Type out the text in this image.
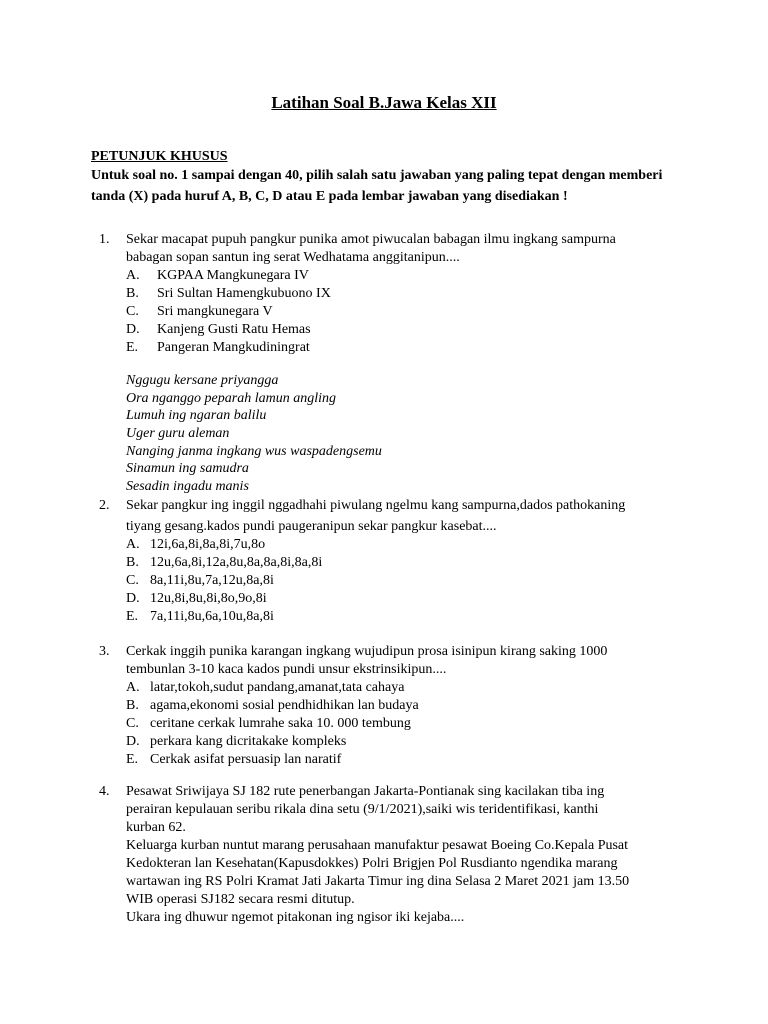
Latihan Soal B.Jawa Kelas XII
PETUNJUK KHUSUS
Untuk soal no. 1 sampai dengan 40, pilih salah satu jawaban yang paling tepat dengan memberi
tanda (X) pada huruf A, B, C, D atau E pada lembar jawaban yang disediakan !
1. Sekar macapat pupuh pangkur punika amot piwucalan babagan ilmu ingkang sampurna
babagan sopan santun ing serat Wedhatama anggitanipun....
A. KGPAA Mangkunegara IV
B. Sri Sultan Hamengkubuono IX
C. Sri mangkunegara V
D. Kanjeng Gusti Ratu Hemas
E. Pangeran Mangkudiningrat
Nggugu kersane priyangga
Ora nganggo peparah lamun angling
Lumuh ing ngaran balilu
Uger guru aleman
Nanging janma ingkang wus waspadengsemu
Sinamun ing samudra
Sesadin ingadu manis
2. Sekar pangkur ing inggil nggadhahi piwulang ngelmu kang sampurna,dados pathokaning
tiyang gesang.kados pundi paugeranipun sekar pangkur kasebat....
A. 12i,6a,8i,8a,8i,7u,8o
B. 12u,6a,8i,12a,8u,8a,8a,8i,8a,8i
C. 8a,11i,8u,7a,12u,8a,8i
D. 12u,8i,8u,8i,8o,9o,8i
E. 7a,11i,8u,6a,10u,8a,8i
3. Cerkak inggih punika karangan ingkang wujudipun prosa isinipun kirang saking 1000
tembunlan 3-10 kaca kados pundi unsur ekstrinsikipun....
A. latar,tokoh,sudut pandang,amanat,tata cahaya
B. agama,ekonomi sosial pendhidhikan lan budaya
C. ceritane cerkak lumrahe saka 10. 000 tembung
D. perkara kang dicritakake kompleks
E. Cerkak asifat persuasip lan naratif
4. Pesawat Sriwijaya SJ 182 rute penerbangan Jakarta-Pontianak sing kacilakan tiba ing
perairan kepulauan seribu rikala dina setu (9/1/2021),saiki wis teridentifikasi, kanthi
kurban 62.
Keluarga kurban nuntut marang perusahaan manufaktur pesawat Boeing Co.Kepala Pusat
Kedokteran lan Kesehatan(Kapusdokkes) Polri Brigjen Pol Rusdianto ngendika marang
wartawan ing RS Polri Kramat Jati Jakarta Timur ing dina Selasa 2 Maret 2021 jam 13.50
WIB operasi SJ182 secara resmi ditutup.
Ukara ing dhuwur ngemot pitakonan ing ngisor iki kejaba....
